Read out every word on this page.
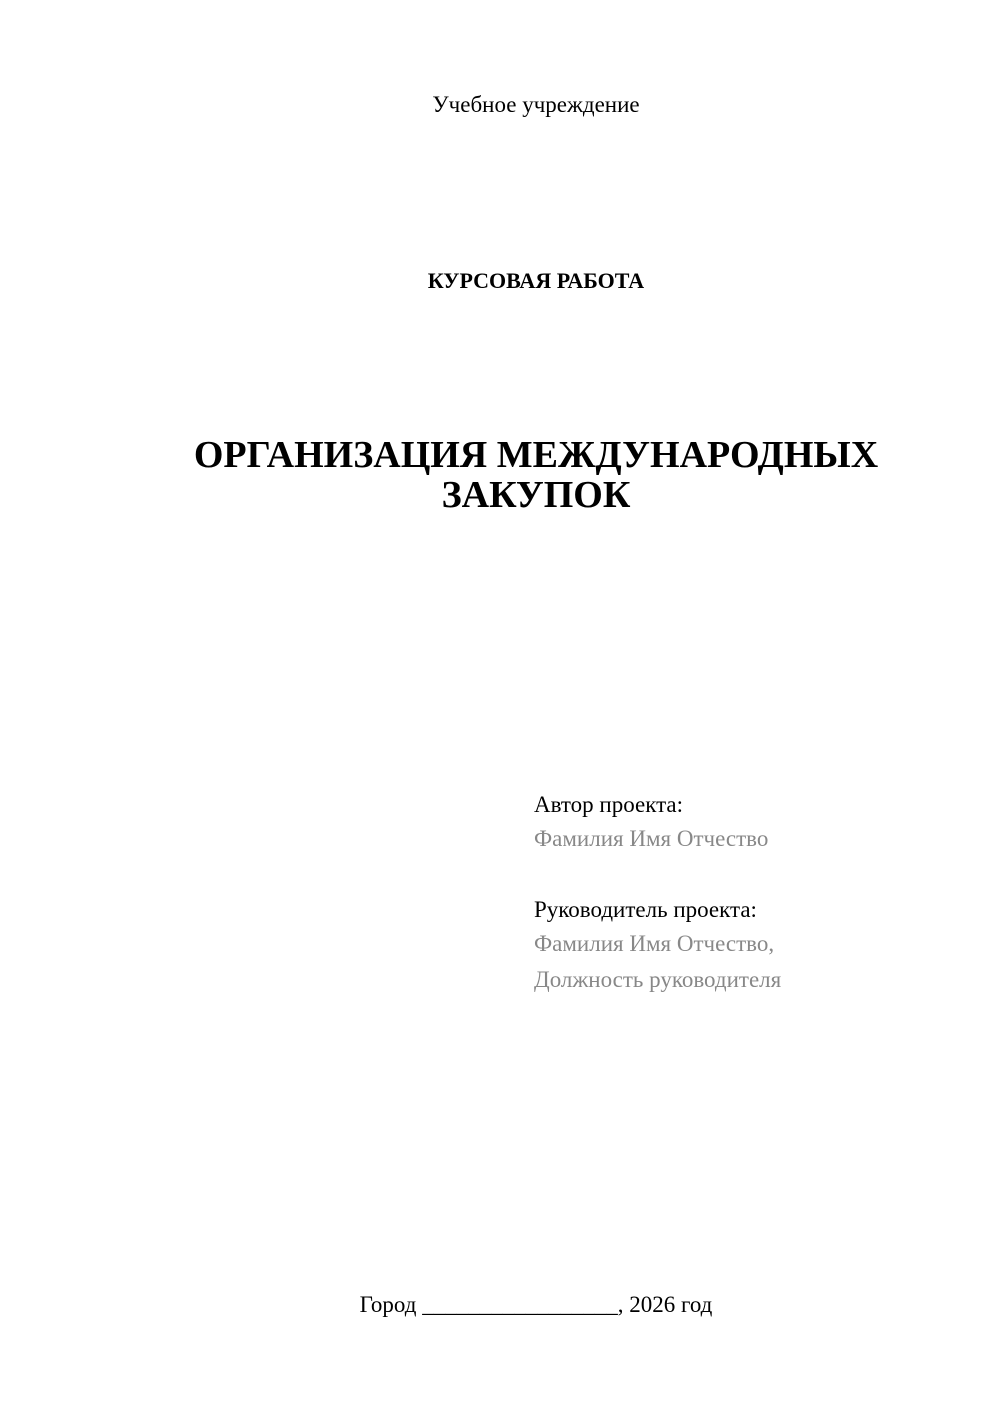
Учебное учреждение
КУРСОВАЯ РАБОТА
ОРГАНИЗАЦИЯ МЕЖДУНАРОДНЫХ
ЗАКУПОК
Автор проекта:
Фамилия Имя Отчество
Руководитель проекта:
Фамилия Имя Отчество,
Должность руководителя
Город _________________, 2026 год
